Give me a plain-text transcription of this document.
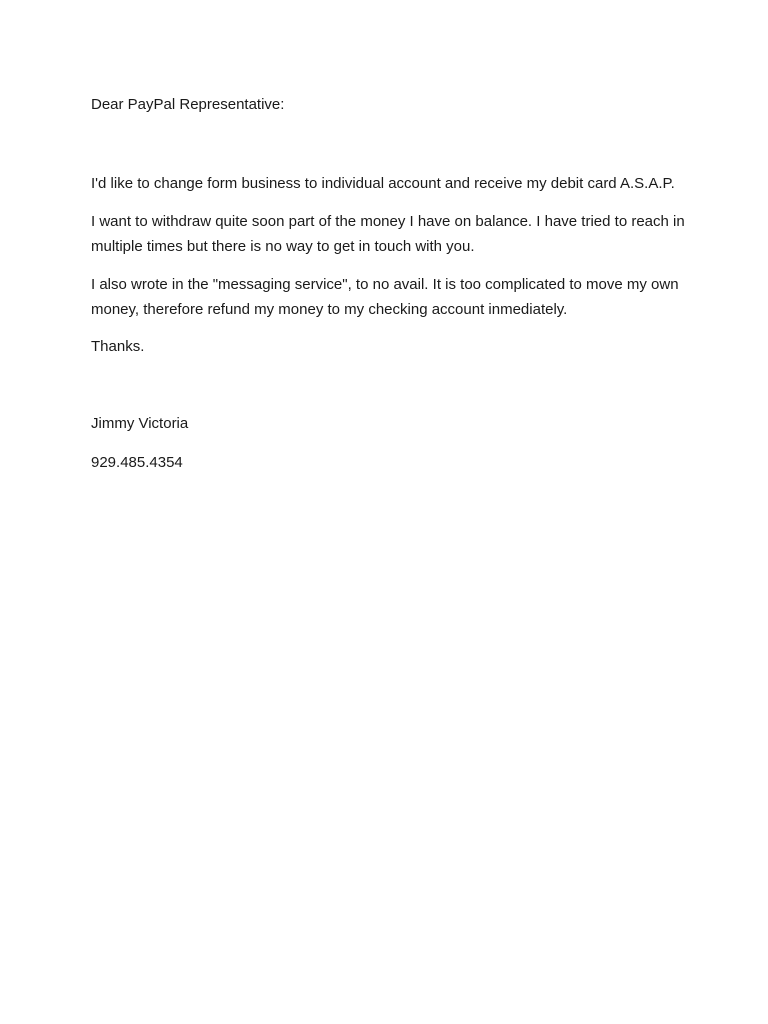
Dear PayPal Representative:

I'd like to change form business to individual account and receive my debit card A.S.A.P.

I want to withdraw quite soon part of the money I have on balance. I have tried to reach in multiple times but there is no way to get in touch with you.

I also wrote in the "messaging service", to no avail. It is too complicated to move my own money, therefore refund my money to my checking account inmediately.

Thanks.

Jimmy Victoria

929.485.4354
